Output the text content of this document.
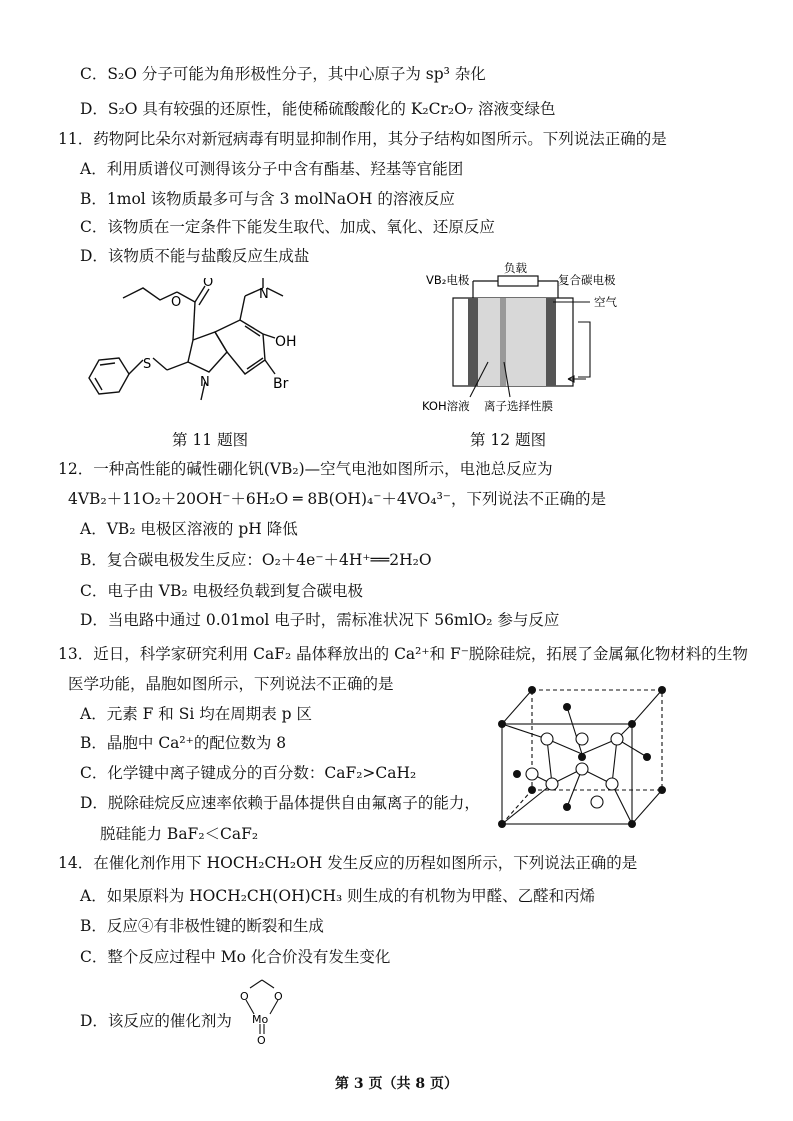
C．S₂O 分子可能为角形极性分子，其中心原子为 sp³ 杂化
D．S₂O 具有较强的还原性，能使稀硫酸酸化的 K₂Cr₂O₇ 溶液变绿色
11．药物阿比朵尔对新冠病毒有明显抑制作用，其分子结构如图所示。下列说法正确的是
A．利用质谱仪可测得该分子中含有酯基、羟基等官能团
B．1mol 该物质最多可与含 3 molNaOH 的溶液反应
C．该物质在一定条件下能发生取代、加成、氧化、还原反应
D．该物质不能与盐酸反应生成盐
O
O
N
OH
Br
N
S
第 11 题图
VB₂电极
负载
复合碳电极
空气
KOH溶液 离子选择性膜
第 12 题图
12．一种高性能的碱性硼化钒(VB₂)—空气电池如图所示，电池总反应为
4VB₂＋11O₂＋20OH⁻＋6H₂O ═ 8B(OH)₄⁻＋4VO₄³⁻，下列说法不正确的是
A．VB₂ 电极区溶液的 pH 降低
B．复合碳电极发生反应：O₂＋4e⁻＋4H⁺══2H₂O
C．电子由 VB₂ 电极经负载到复合碳电极
D．当电路中通过 0.01mol 电子时，需标准状况下 56mlO₂ 参与反应
13．近日，科学家研究利用 CaF₂ 晶体释放出的 Ca²⁺和 F⁻脱除硅烷，拓展了金属氟化物材料的生物
医学功能，晶胞如图所示，下列说法不正确的是
A．元素 F 和 Si 均在周期表 p 区
B．晶胞中 Ca²⁺的配位数为 8
C．化学键中离子键成分的百分数：CaF₂>CaH₂
D．脱除硅烷反应速率依赖于晶体提供自由氟离子的能力，
脱硅能力 BaF₂＜CaF₂
14．在催化剂作用下 HOCH₂CH₂OH 发生反应的历程如图所示，下列说法正确的是
A．如果原料为 HOCH₂CH(OH)CH₃ 则生成的有机物为甲醛、乙醛和丙烯
B．反应④有非极性键的断裂和生成
C．整个反应过程中 Mo 化合价没有发生变化
D．该反应的催化剂为
O O
Mo
O
第 3 页（共 8 页）
